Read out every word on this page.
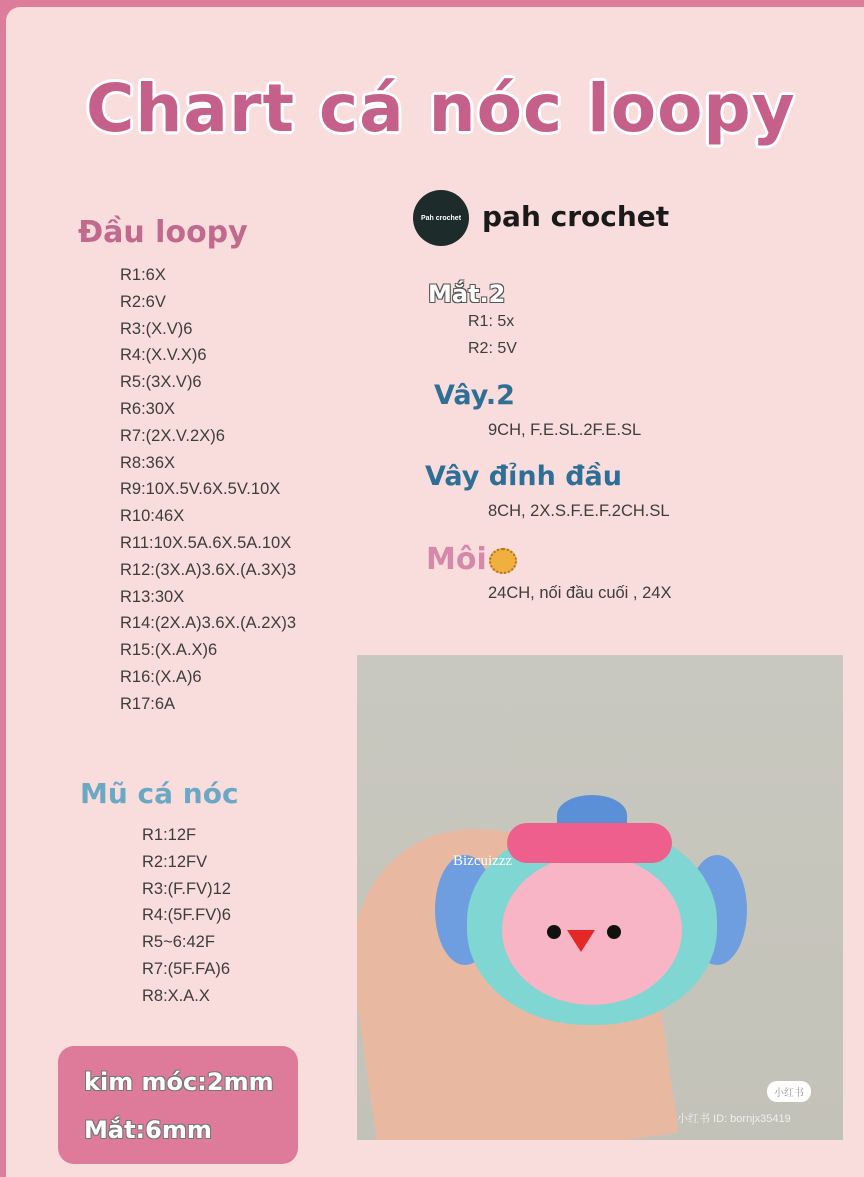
Chart cá nóc loopy
Pah crochet pah crochet
Đầu loopy
R1:6X
R2:6V
R3:(X.V)6
R4:(X.V.X)6
R5:(3X.V)6
R6:30X
R7:(2X.V.2X)6
R8:36X
R9:10X.5V.6X.5V.10X
R10:46X
R11:10X.5A.6X.5A.10X
R12:(3X.A)3.6X.(A.3X)3
R13:30X
R14:(2X.A)3.6X.(A.2X)3
R15:(X.A.X)6
R16:(X.A)6
R17:6A
Mũ cá nóc
R1:12F
R2:12FV
R3:(F.FV)12
R4:(5F.FV)6
R5~6:42F
R7:(5F.FA)6
R8:X.A.X
Mắt.2
R1: 5x
R2: 5V
Vây.2
9CH, F.E.SL.2F.E.SL
Vây đỉnh đầu
8CH, 2X.S.F.E.F.2CH.SL
Môi
24CH, nối đầu cuối , 24X
kim móc:2mm
Mắt:6mm
Bizcuizzz
小红书
小红书 ID: bornjx35419
